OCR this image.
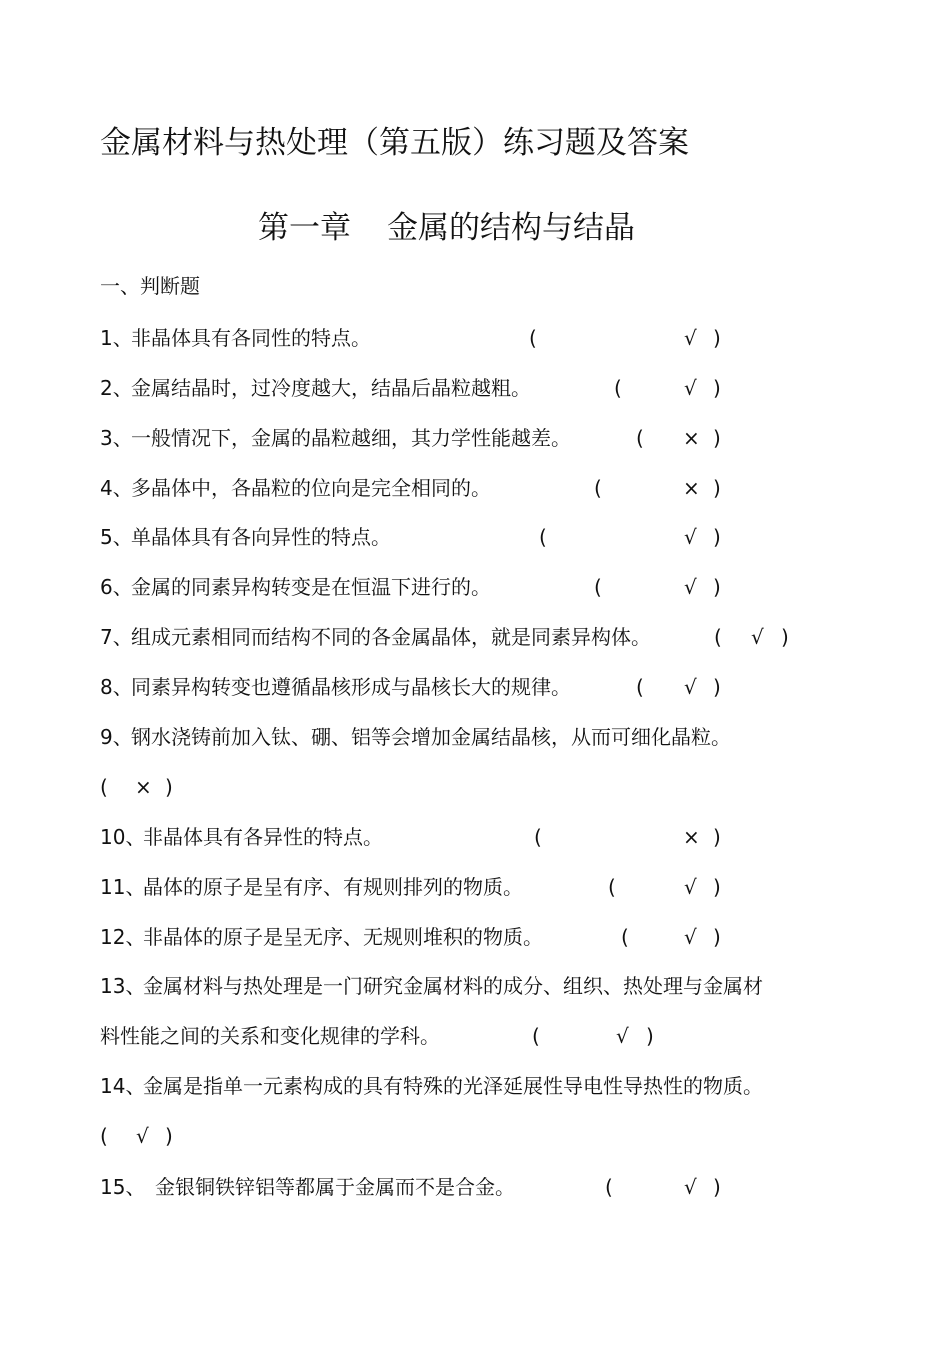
金属材料与热处理（第五版）练习题及答案
第一章 金属的结构与结晶
一、判断题
1、
非晶体具有各同性的特点。	(	√ )
2、
金属结晶时，过冷度越大，结晶后晶粒越粗。	(	√ )
3、
一般情况下，金属的晶粒越细，其力学性能越差。	( × )
4、
多晶体中，各晶粒的位向是完全相同的。	(	× )
5、
单晶体具有各向异性的特点。	(	√ )
6、
金属的同素异构转变是在恒温下进行的。	(	√ )
7、
组成元素相同而结构不同的各金属晶体，就是同素异构体。	( √ )
8、
同素异构转变也遵循晶核形成与晶核长大的规律。	( √ )
9、
钢水浇铸前加入钛、硼、铝等会增加金属结晶核，从而可细化晶粒。
( × )
10、
非晶体具有各异性的特点。	(	× )
11、
晶体的原子是呈有序、有规则排列的物质。	(	√ )
12、
非晶体的原子是呈无序、无规则堆积的物质。	(	√ )
13、
金属材料与热处理是一门研究金属材料的成分、组织、热处理与金属材
料性能之间的关系和变化规律的学科。	(	√ )
14、
金属是指单一元素构成的具有特殊的光泽延展性导电性导热性的物质。
( √ )
15、 金银铜铁锌铝等都属于金属而不是合金。	(	√ )
